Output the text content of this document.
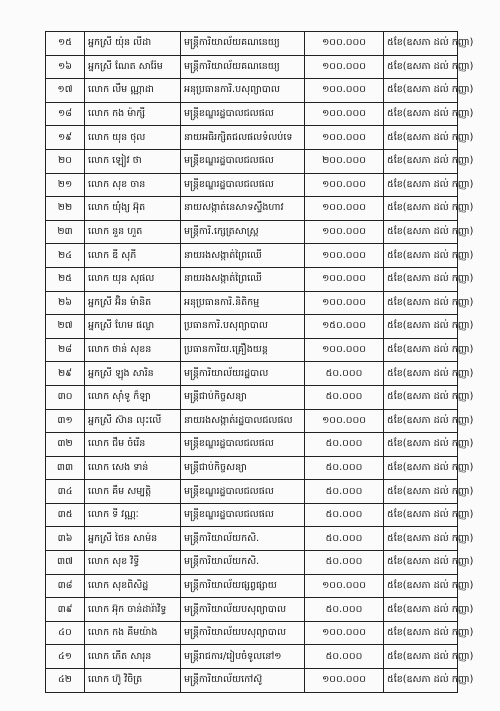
១៥	អ្នកស្រី យ៉ុន លីដា	មន្ត្រីការិយាល័យគណនេយ្យ	១០០.០០០	៥ខែ(ឧសភា ដល់ កញ្ញា)
១៦	អ្នកស្រី ណែត សារ៉ែម	មន្ត្រីការិយាល័យគណនេយ្យ	១០០.០០០	៥ខែ(ឧសភា ដល់ កញ្ញា)
១៧	លោក លឹម ណ្ណាដា	អនុប្រធានការិ.បសុព្យាបាល	១០០.០០០	៥ខែ(ឧសភា ដល់ កញ្ញា)
១៨	លោក កង ម៉ាក្សី	មន្ត្រីខណ្ឌរដ្ឋបាលជលផល	១០០.០០០	៥ខែ(ឧសភា ដល់ កញ្ញា)
១៩	លោក យុន ថុល	នាយអធិរក្សិតជលផលទំលប់ទេ	១០០.០០០	៥ខែ(ឧសភា ដល់ កញ្ញា)
២០	លោក ឡៀវ ថា	មន្ត្រីខណ្ឌរដ្ឋបាលជលផល	២០០.០០០	៥ខែ(ឧសភា ដល់ កញ្ញា)
២១	លោក សុខ ចាន	មន្ត្រីខណ្ឌរដ្ឋបាលជលផល	១០០.០០០	៥ខែ(ឧសភា ដល់ កញ្ញា)
២២	លោក យុំង្យ អ៊ុត	នាយសង្កាត់នេសាទស្ទឹងហាវ	១០០.០០០	៥ខែ(ឧសភា ដល់ កញ្ញា)
២៣	លោក នួន ហួត	មន្ត្រីការិ.ក្សេត្រសាស្ត្រ	១០០.០០០	៥ខែ(ឧសភា ដល់ កញ្ញា)
២៤	លោក ឌី សុភី	នាយរងសង្កាត់ព្រៃឈើ	១០០.០០០	៥ខែ(ឧសភា ដល់ កញ្ញា)
២៥	លោក យុន សុផល	នាយរងសង្កាត់ព្រៃឈើ	១០០.០០០	៥ខែ(ឧសភា ដល់ កញ្ញា)
២៦	អ្នកស្រី អ៊ិន ម៉ានិត	អនុប្រធានការិ.និតិកម្ម	១០០.០០០	៥ខែ(ឧសភា ដល់ កញ្ញា)
២៧	អ្នកស្រី ហែម ផល្លា	ប្រធានការិ.បសុព្យាបាល	១៥០.០០០	៥ខែ(ឧសភា ដល់ កញ្ញា)
២៨	លោក ថាន់ សុខន	ប្រធានការិយ.គ្រឿងយន្ត	១០០.០០០	៥ខែ(ឧសភា ដល់ កញ្ញា)
២៩	អ្នកស្រី ឡុង សារិន	មន្ត្រីការិយាល័យរដ្ឋបាល	៥០.០០០	៥ខែ(ឧសភា ដល់ កញ្ញា)
៣០	លោក ស៊ាំទូ ក៏ឡា	មន្ត្រីជាប់កិច្ចសន្យា	៥០.០០០	៥ខែ(ឧសភា ដល់ កញ្ញា)
៣១	អ្នកស្រី ស៊ាន លុះលើ	នាយរងសង្កាត់រដ្ឋបាលជលផល	១០០.០០០	៥ខែ(ឧសភា ដល់ កញ្ញា)
៣២	លោក ជឹម ចំរើន	មន្ត្រីខណ្ឌរដ្ឋបាលជលផល	៥០.០០០	៥ខែ(ឧសភា ដល់ កញ្ញា)
៣៣	លោក សេង ទាន់	មន្ត្រីជាប់កិច្ចសន្យា	៥០.០០០	៥ខែ(ឧសភា ដល់ កញ្ញា)
៣៤	លោក គឹម សម្បត្តិ	មន្ត្រីខណ្ឌរដ្ឋបាលជលផល	៥០.០០០	៥ខែ(ឧសភា ដល់ កញ្ញា)
៣៥	លោក ទី វណ្ណៈ	មន្ត្រីខណ្ឌរដ្ឋបាលជលផល	៥០.០០០	៥ខែ(ឧសភា ដល់ កញ្ញា)
៣៦	អ្នកស្រី ថៃន សាម៉ន	មន្ត្រីការិយាល័យកសិ.	៥០.០០០	៥ខែ(ឧសភា ដល់ កញ្ញា)
៣៧	លោក សុខ វិទ្ធី	មន្ត្រីការិយាល័យកសិ.	៥០.០០០	៥ខែ(ឧសភា ដល់ កញ្ញា)
៣៨	លោក សុខពិសិដ្ឋ	មន្ត្រីការិយាល័យផ្សព្វផ្សាយ	១០០.០០០	៥ខែ(ឧសភា ដល់ កញ្ញា)
៣៩	លោក អ៊ុក ចាន់ដារ៉ាវិទ្ធ	មន្ត្រីការិយាល័យបសុព្យាបាល	៥០.០០០	៥ខែ(ឧសភា ដល់ កញ្ញា)
៤០	លោក កង គីមយ៉ាង	មន្ត្រីការិយាល័យបសុព្យាបាល	១០០.០០០	៥ខែ(ឧសភា ដល់ កញ្ញា)
៤១	លោក ភើត សារុន	មន្ត្រីរាជការ/រៀបចំទូលនៅ១	៥០.០០០	៥ខែ(ឧសភា ដល់ កញ្ញា)
៤២	លោក ហ៊ូ វិចិត្រ	មន្ត្រីការិយាល័យកៅស៊ូ	១០០.០០០	៥ខែ(ឧសភា ដល់ កញ្ញា)
